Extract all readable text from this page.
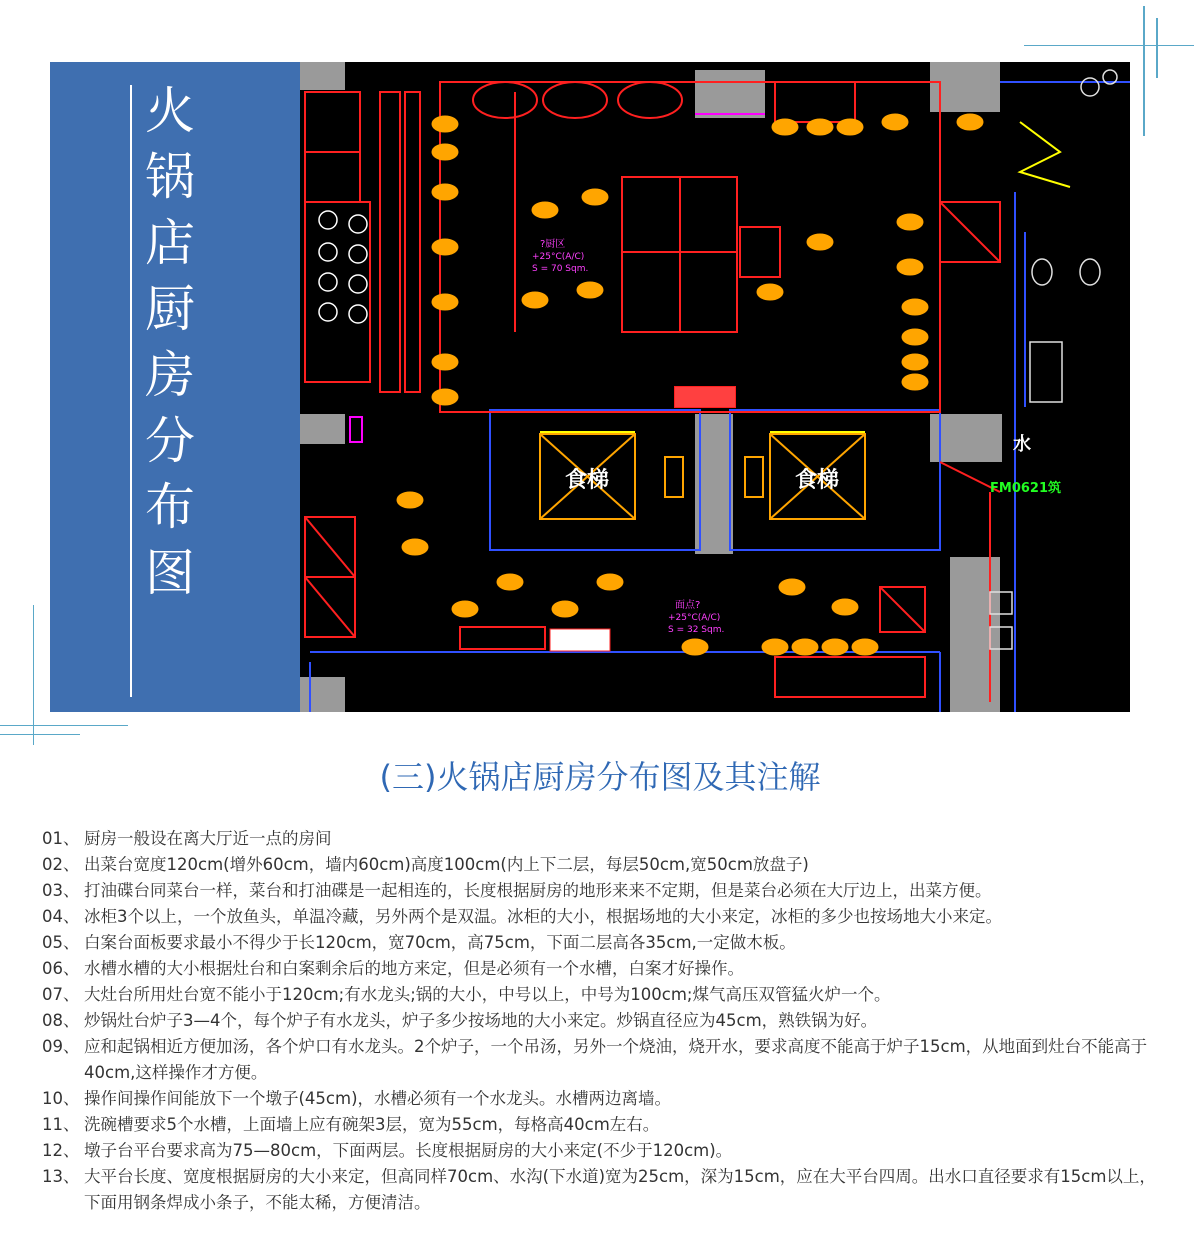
火
锅
店
厨
房
分
布
图
?厨区
+25°C(A/C)
S = 70 Sqm.
面点?
+25°C(A/C)
S = 32 Sqm.
食梯	食梯
水
FM0621筑
(三)火锅店厨房分布图及其注解
01、 厨房一般设在离大厅近一点的房间
02、 出菜台宽度120cm(增外60cm，墙内60cm)高度100cm(内上下二层，每层50cm,宽50cm放盘子)
03、 打油碟台同菜台一样，菜台和打油碟是一起相连的，长度根据厨房的地形来来不定期，但是菜台必须在大厅边上，出菜方便。
04、 冰柜3个以上，一个放鱼头，单温冷藏，另外两个是双温。冰柜的大小，根据场地的大小来定，冰柜的多少也按场地大小来定。
05、 白案台面板要求最小不得少于长120cm，宽70cm，高75cm，下面二层高各35cm,一定做木板。
06、 水槽水槽的大小根据灶台和白案剩余后的地方来定，但是必须有一个水槽，白案才好操作。
07、 大灶台所用灶台宽不能小于120cm;有水龙头;锅的大小，中号以上，中号为100cm;煤气高压双管猛火炉一个。
08、 炒锅灶台炉子3—4个，每个炉子有水龙头，炉子多少按场地的大小来定。炒锅直径应为45cm，熟铁锅为好。
09、 应和起锅相近方便加汤，各个炉口有水龙头。2个炉子，一个吊汤，另外一个烧油，烧开水，要求高度不能高于炉子15cm，从地面到灶台不能高于40cm,这样操作才方便。
10、 操作间操作间能放下一个墩子(45cm)，水槽必须有一个水龙头。水槽两边离墙。
11、 洗碗槽要求5个水槽，上面墙上应有碗架3层，宽为55cm，每格高40cm左右。
12、 墩子台平台要求高为75—80cm，下面两层。长度根据厨房的大小来定(不少于120cm)。
13、 大平台长度、宽度根据厨房的大小来定，但高同样70cm、水沟(下水道)宽为25cm，深为15cm，应在大平台四周。出水口直径要求有15cm以上，下面用钢条焊成小条子，不能太稀，方便清洁。
